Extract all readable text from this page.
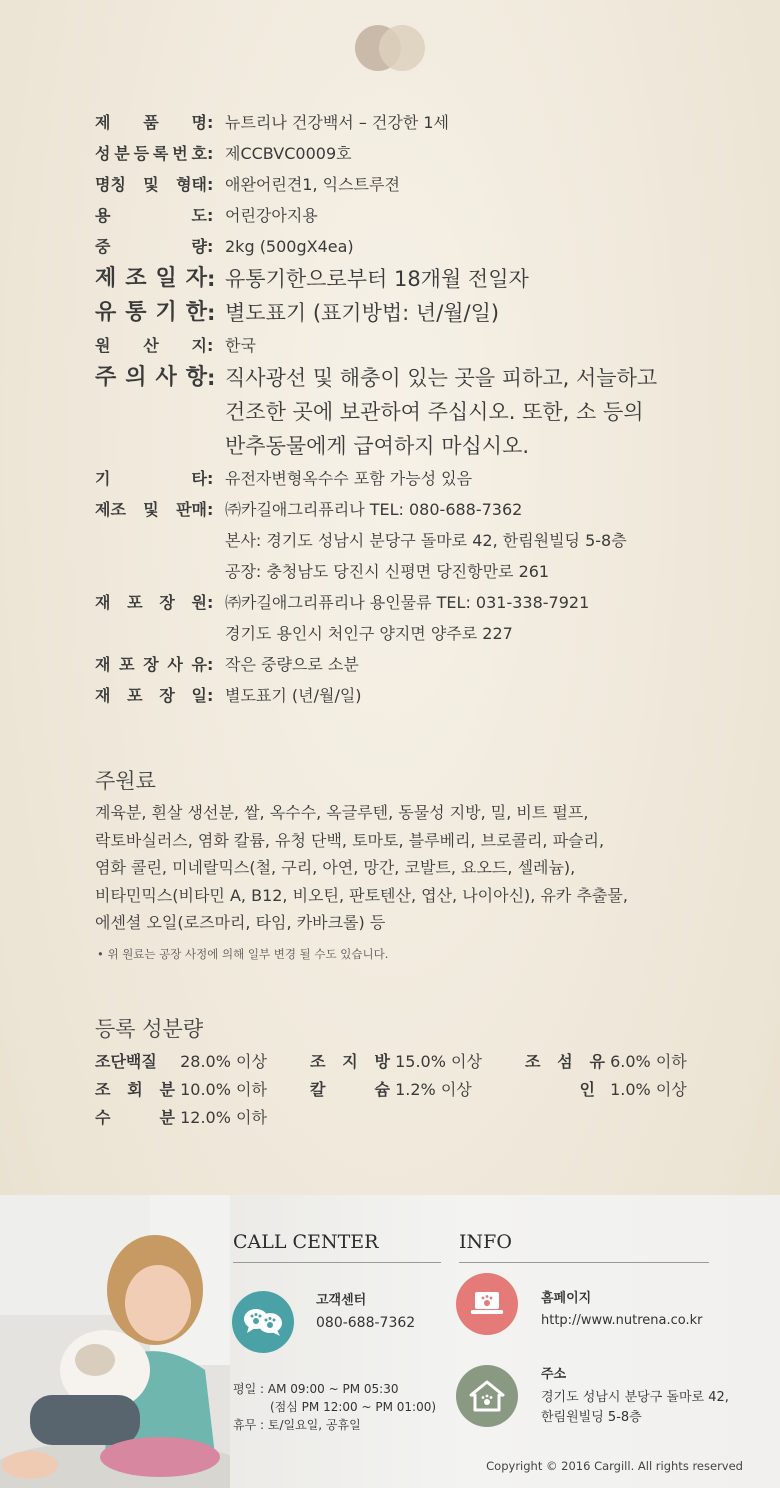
제 품 명 : 뉴트리나 건강백서 – 건강한 1세
성 분 등 록 번 호 : 제CCBVC0009호
명칭 및 형태 : 애완어린견1, 익스트루젼
용	도 : 어린강아지용
중	량 : 2kg (500gX4ea)
제 조 일 자 : 유통기한으로부터 18개월 전일자
유 통 기 한 : 별도표기 (표기방법: 년/월/일)
원 산 지 : 한국
주 의 사 항 : 직사광선 및 해충이 있는 곳을 피하고, 서늘하고
건조한 곳에 보관하여 주십시오. 또한, 소 등의
반추동물에게 급여하지 마십시오.
기	타 : 유전자변형옥수수 포함 가능성 있음
제조 및 판매 : ㈜카길애그리퓨리나 TEL: 080-688-7362
본사: 경기도 성남시 분당구 돌마로 42, 한림원빌딩 5-8층
공장: 충청남도 당진시 신평면 당진항만로 261
재 포 장 원 : ㈜카길애그리퓨리나 용인물류 TEL: 031-338-7921
경기도 용인시 처인구 양지면 양주로 227
재 포 장 사 유 : 작은 중량으로 소분
재 포 장 일 : 별도표기 (년/월/일)
주원료
계육분, 흰살 생선분, 쌀, 옥수수, 옥글루텐, 동물성 지방, 밀, 비트 펄프,
락토바실러스, 염화 칼륨, 유청 단백, 토마토, 블루베리, 브로콜리, 파슬리,
염화 콜린, 미네랄믹스(철, 구리, 아연, 망간, 코발트, 요오드, 셀레늄),
비타민믹스(비타민 A, B12, 비오틴, 판토텐산, 엽산, 나이아신), 유카 추출물,
에센셜 오일(로즈마리, 타임, 카바크롤) 등
• 위 원료는 공장 사정에 의해 일부 변경 될 수도 있습니다.
등록 성분량
조단백질 28.0% 이상	조 지 방 15.0% 이상	조 섬 유 6.0% 이하
조 회 분 10.0% 이하	칼 슘 1.2% 이상	인 1.0% 이상
수 분 12.0% 이하
CALL CENTER	INFO
고객센터
080-688-7362
평일 : AM 09:00 ~ PM 05:30
(점심 PM 12:00 ~ PM 01:00)
휴무 : 토/일요일, 공휴일
홈페이지
http://www.nutrena.co.kr
주소
경기도 성남시 분당구 돌마로 42,
한림원빌딩 5-8층
Copyright © 2016 Cargill. All rights reserved
